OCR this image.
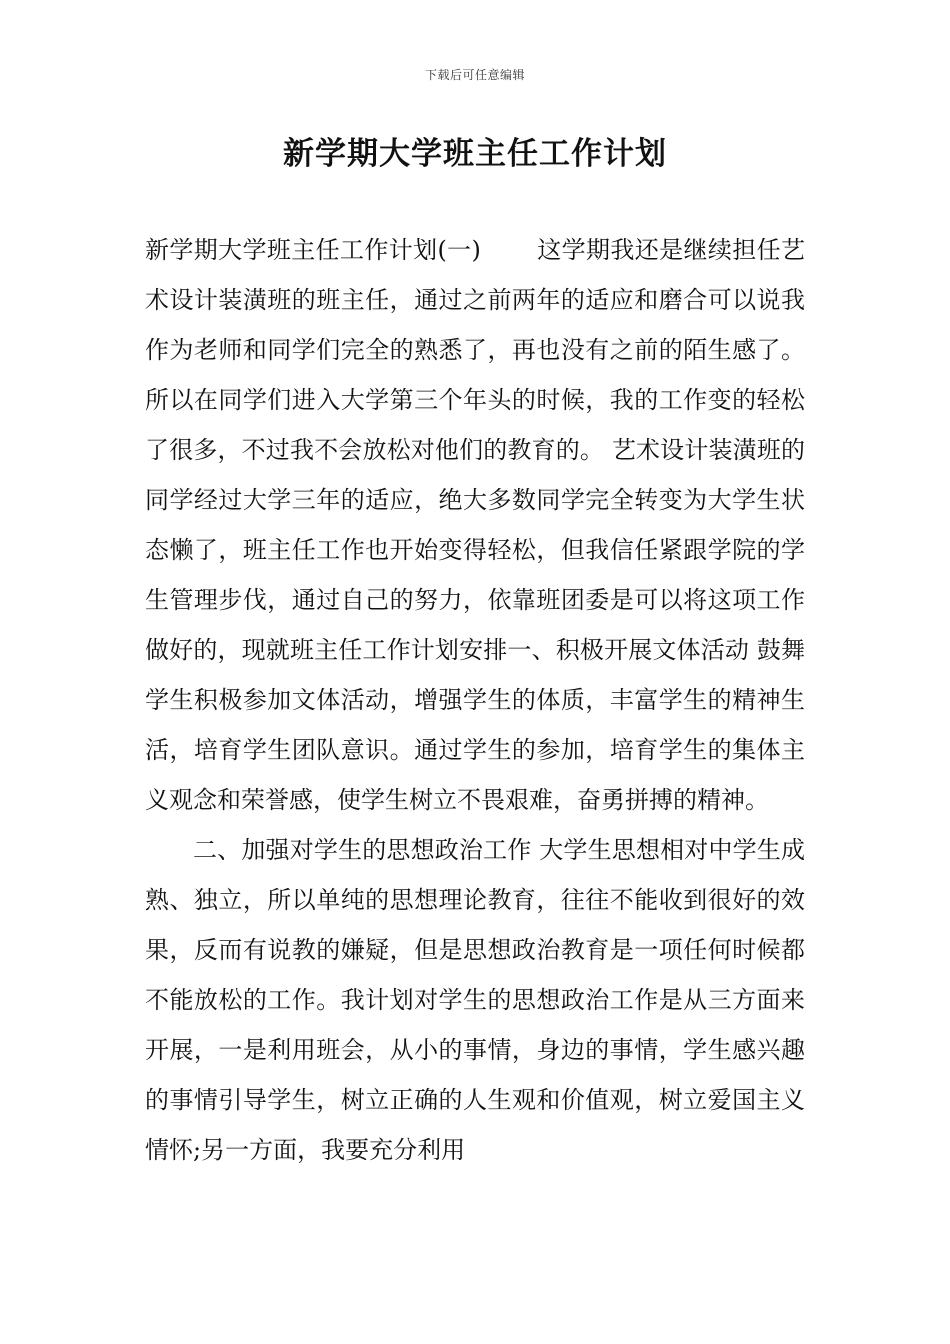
下载后可任意编辑
新学期大学班主任工作计划

新学期大学班主任工作计划(一) 这学期我还是继续担任艺术设计装潢班的班主任，通过之前两年的适应和磨合可以说我作为老师和同学们完全的熟悉了，再也没有之前的陌生感了。所以在同学们进入大学第三个年头的时候，我的工作变的轻松了很多，不过我不会放松对他们的教育的。 艺术设计装潢班的同学经过大学三年的适应，绝大多数同学完全转变为大学生状态懒了，班主任工作也开始变得轻松，但我信任紧跟学院的学生管理步伐，通过自己的努力，依靠班团委是可以将这项工作做好的，现就班主任工作计划安排一、积极开展文体活动 鼓舞学生积极参加文体活动，增强学生的体质，丰富学生的精神生活，培育学生团队意识。通过学生的参加，培育学生的集体主义观念和荣誉感，使学生树立不畏艰难，奋勇拼搏的精神。

二、加强对学生的思想政治工作 大学生思想相对中学生成熟、独立，所以单纯的思想理论教育，往往不能收到很好的效果，反而有说教的嫌疑，但是思想政治教育是一项任何时候都不能放松的工作。我计划对学生的思想政治工作是从三方面来开展，一是利用班会，从小的事情，身边的事情，学生感兴趣的事情引导学生，树立正确的人生观和价值观，树立爱国主义情怀;另一方面，我要充分利用
